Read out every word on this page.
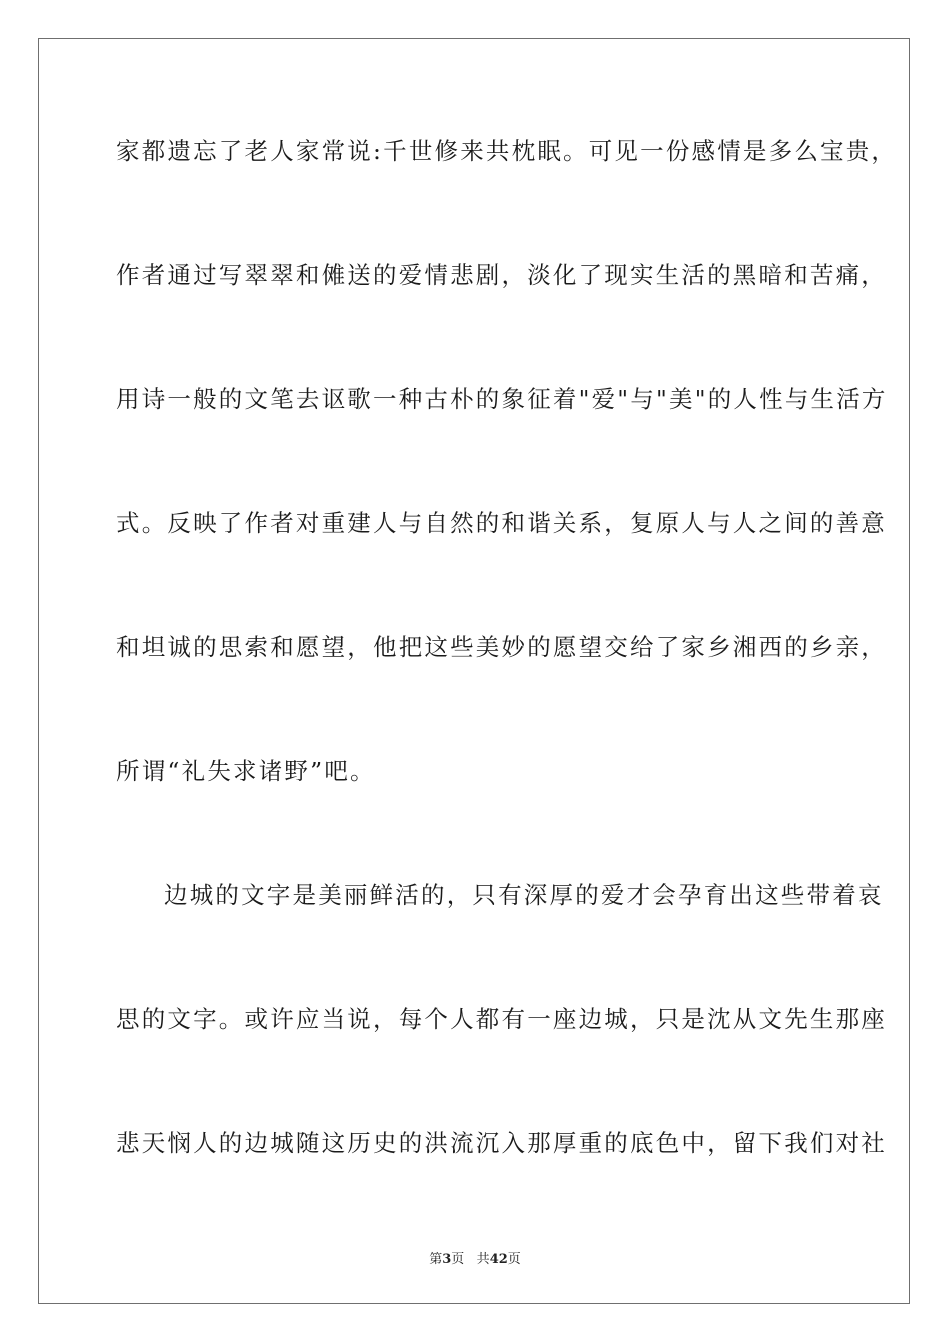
家都遗忘了老人家常说:千世修来共枕眠。可见一份感情是多么宝贵，
作者通过写翠翠和傩送的爱情悲剧，淡化了现实生活的黑暗和苦痛，
用诗一般的文笔去讴歌一种古朴的象征着"爱"与"美"的人性与生活方
式。反映了作者对重建人与自然的和谐关系，复原人与人之间的善意
和坦诚的思索和愿望，他把这些美妙的愿望交给了家乡湘西的乡亲，
所谓“礼失求诸野”吧。
边城的文字是美丽鲜活的，只有深厚的爱才会孕育出这些带着哀
思的文字。或许应当说，每个人都有一座边城，只是沈从文先生那座
悲天悯人的边城随这历史的洪流沉入那厚重的底色中，留下我们对社
第3页 共42页
